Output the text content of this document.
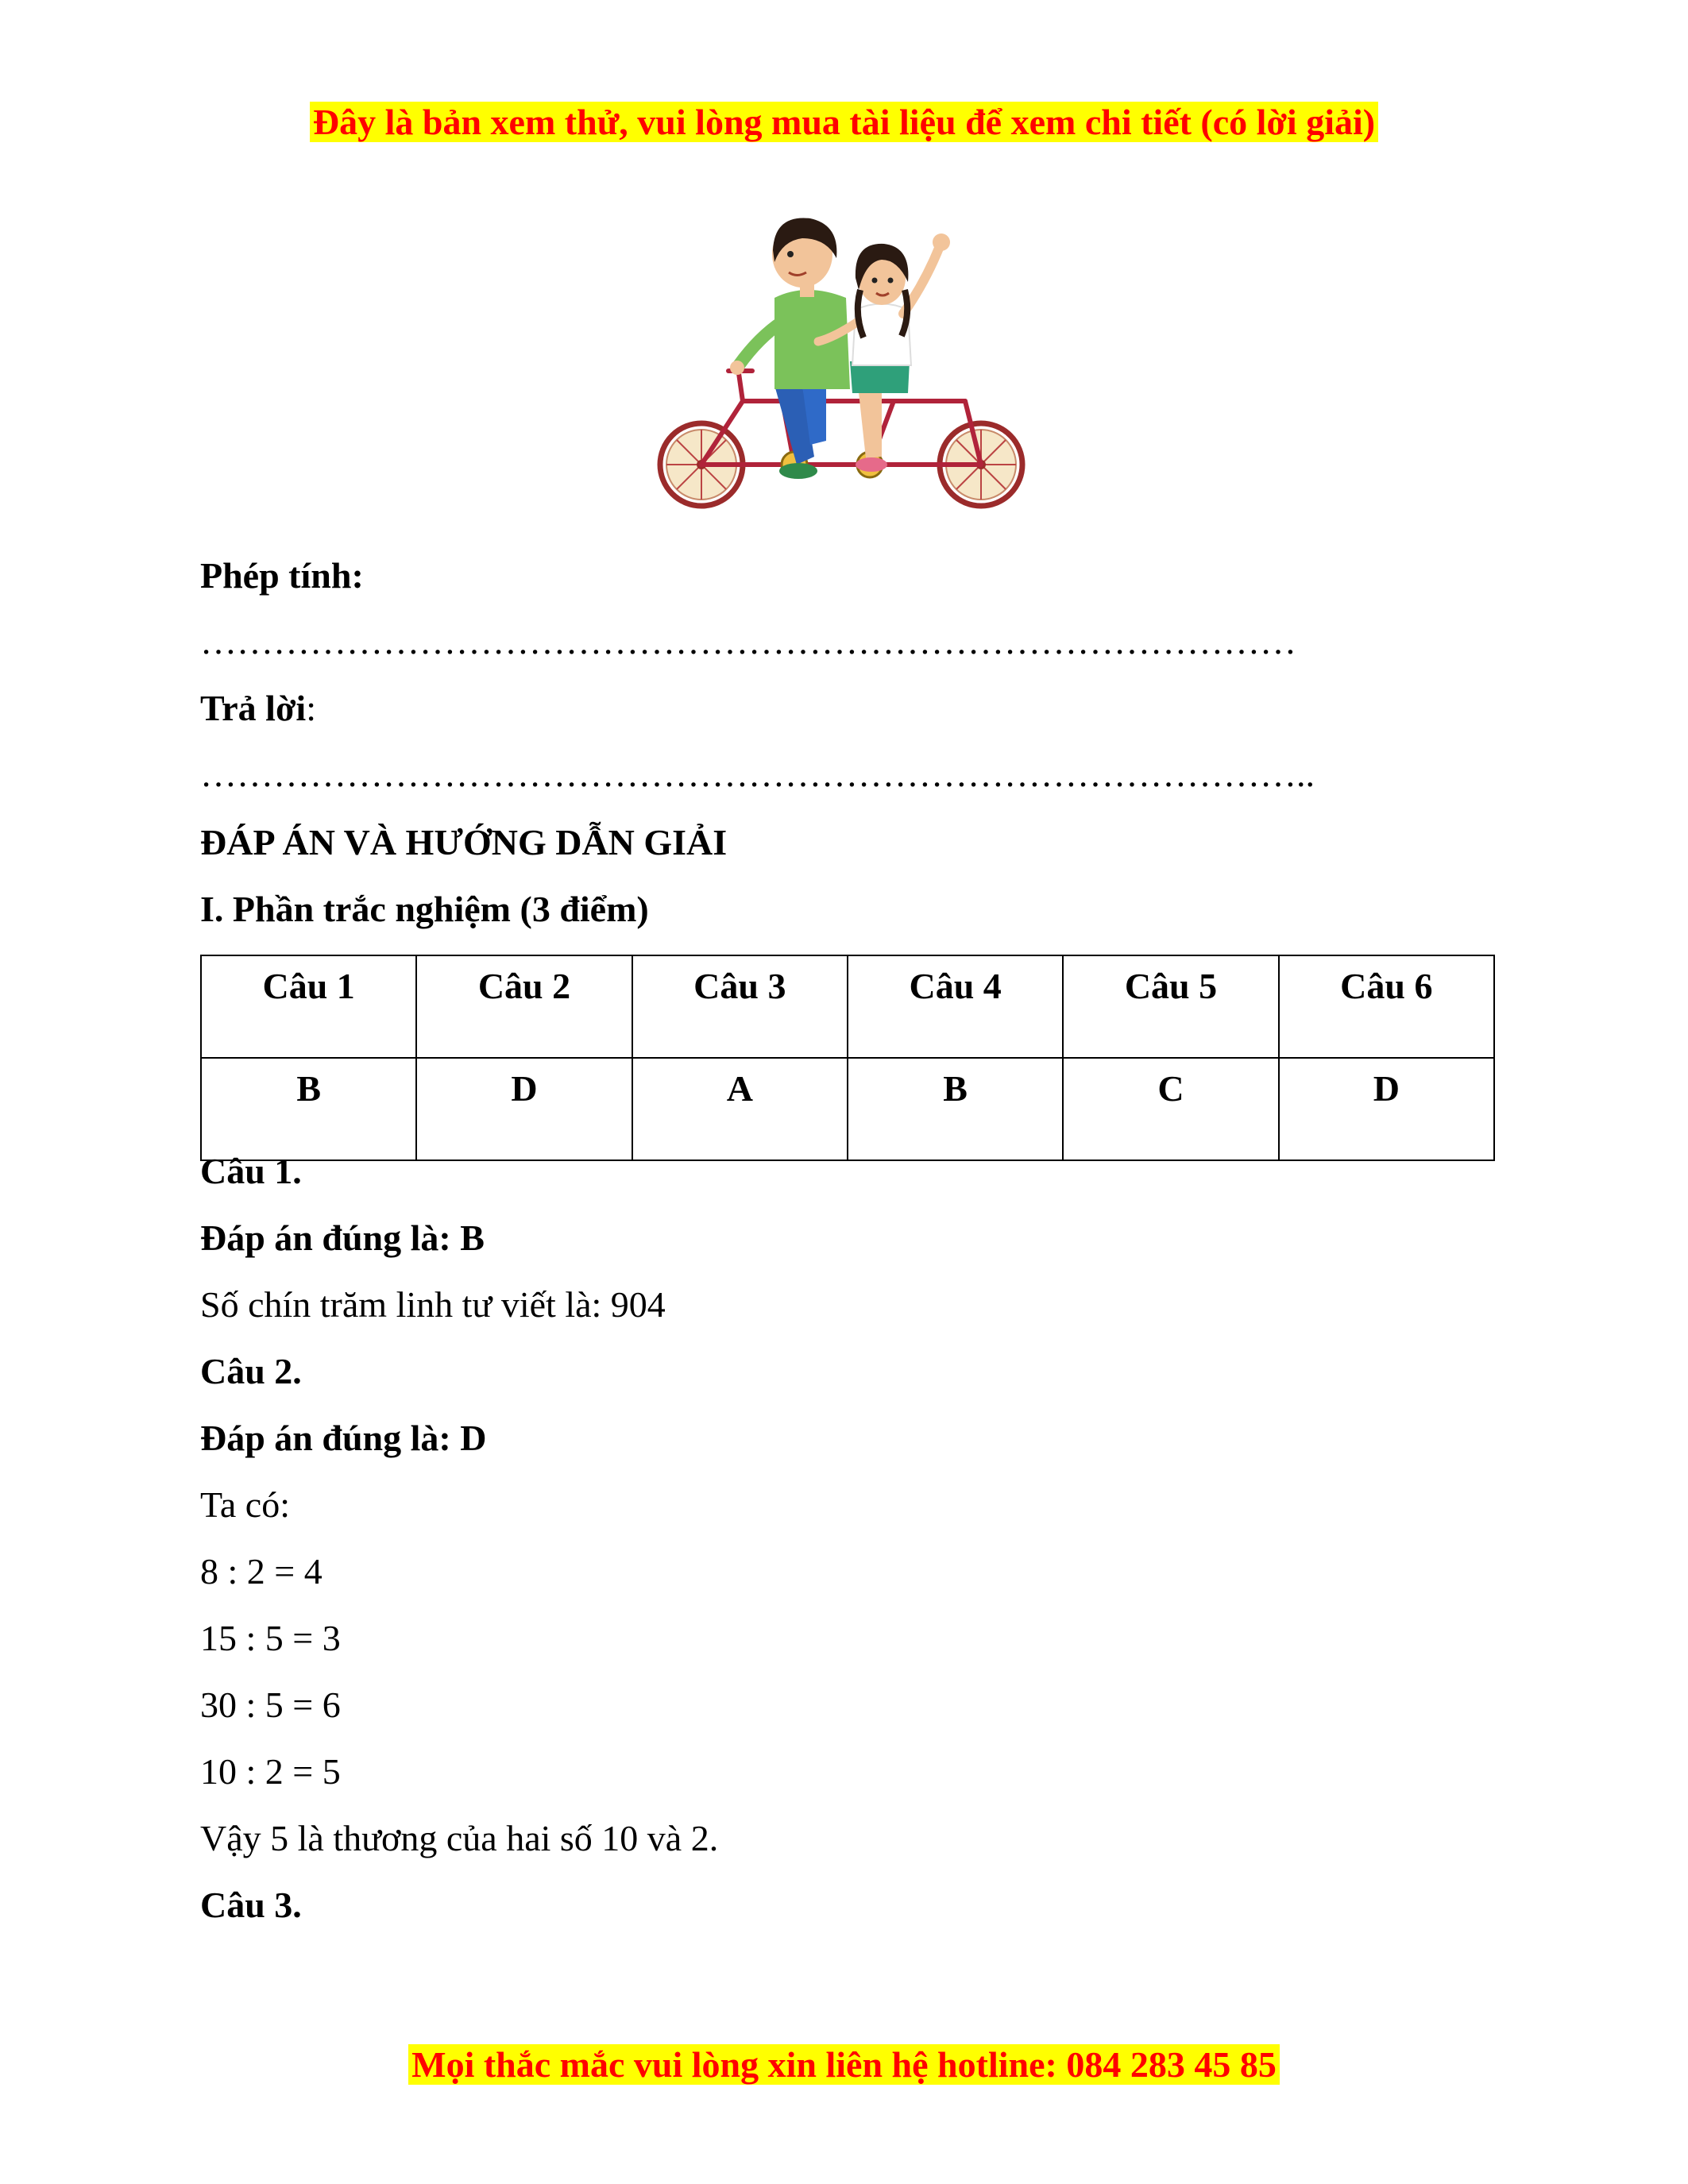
Đây là bản xem thử, vui lòng mua tài liệu để xem chi tiết (có lời giải)
Phép tính:
………………………………………………………………………………
Trả lời:
………………………………………………………………………………..
ĐÁP ÁN VÀ HƯỚNG DẪN GIẢI
I. Phần trắc nghiệm (3 điểm)
Câu 1	Câu 2	Câu 3	Câu 4	Câu 5	Câu 6
B	D	A	B	C	D
Câu 1.
Đáp án đúng là: B
Số chín trăm linh tư viết là: 904
Câu 2.
Đáp án đúng là: D
Ta có:
8 : 2 = 4
15 : 5 = 3
30 : 5 = 6
10 : 2 = 5
Vậy 5 là thương của hai số 10 và 2.
Câu 3.
Mọi thắc mắc vui lòng xin liên hệ hotline: 084 283 45 85
